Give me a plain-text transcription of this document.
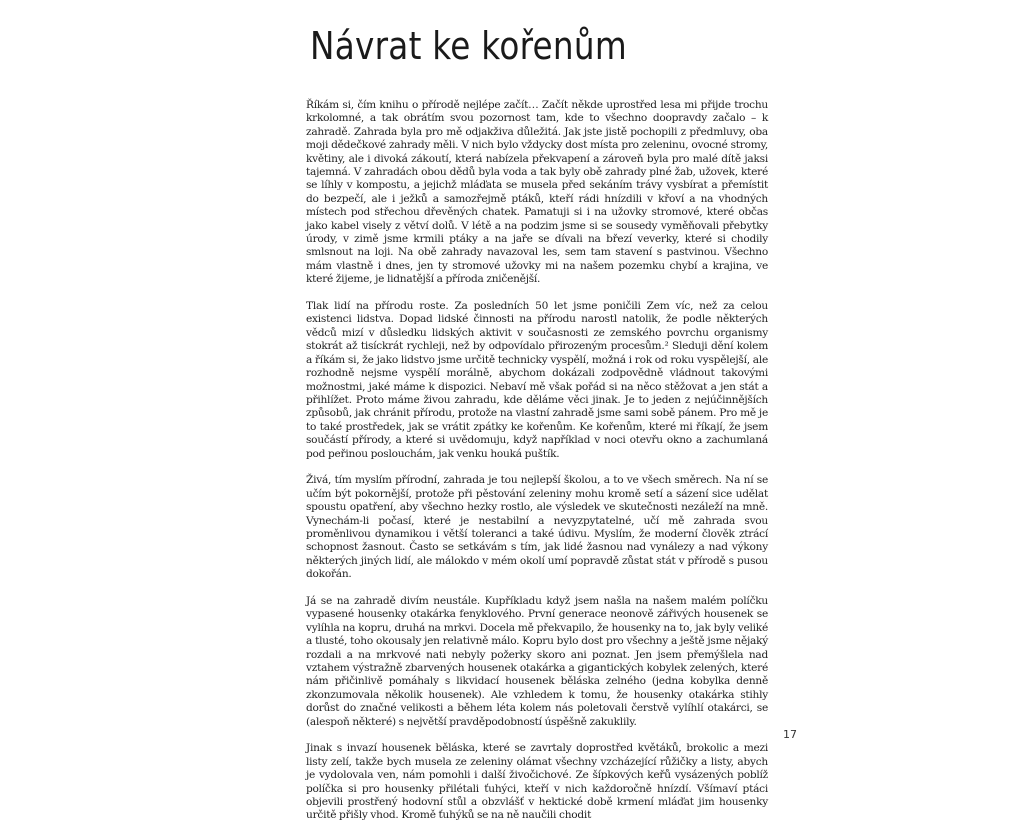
Návrat ke kořenům

Říkám si, čím knihu o přírodě nejlépe začít… Začít někde uprostřed lesa mi přijde trochu krkolomné, a tak obrátím svou pozornost tam, kde to všechno doopravdy začalo – k zahradě. Zahrada byla pro mě odjakživa důležitá. Jak jste jistě pochopili z předmluvy, oba moji dědečkové zahrady měli. V nich bylo vždycky dost místa pro zeleninu, ovocné stromy, květiny, ale i divoká zákoutí, která nabízela překvapení a zároveň byla pro malé dítě jaksi tajemná. V zahradách obou dědů byla voda a tak byly obě zahrady plné žab, užovek, které se líhly v kompostu, a jejichž mláďata se musela před sekáním trávy vysbírat a přemístit do bezpečí, ale i ježků a samozřejmě ptáků, kteří rádi hnízdili v křoví a na vhodných místech pod střechou dřevěných chatek. Pamatuji si i na užovky stromové, které občas jako kabel visely z větví dolů. V létě a na podzim jsme si se sousedy vyměňovali přebytky úrody, v zimě jsme krmili ptáky a na jaře se dívali na březí veverky, které si chodily smlsnout na loji. Na obě zahrady navazoval les, sem tam stavení s pastvinou. Všechno mám vlastně i dnes, jen ty stromové užovky mi na našem pozemku chybí a krajina, ve které žijeme, je lidnatější a příroda zničenější.

Tlak lidí na přírodu roste. Za posledních 50 let jsme poničili Zem víc, než za celou existenci lidstva. Dopad lidské činnosti na přírodu narostl natolik, že podle některých vědců mizí v důsledku lidských aktivit v současnosti ze zemského povrchu organismy stokrát až tisíckrát rychleji, než by odpovídalo přirozeným procesům.² Sleduji dění kolem a říkám si, že jako lidstvo jsme určitě technicky vyspělí, možná i rok od roku vyspělejší, ale rozhodně nejsme vyspělí morálně, abychom dokázali zodpovědně vládnout takovými možnostmi, jaké máme k dispozici. Nebaví mě však pořád si na něco stěžovat a jen stát a přihlížet. Proto máme živou zahradu, kde děláme věci jinak. Je to jeden z nejúčinnějších způsobů, jak chránit přírodu, protože na vlastní zahradě jsme sami sobě pánem. Pro mě je to také prostředek, jak se vrátit zpátky ke kořenům. Ke kořenům, které mi říkají, že jsem součástí přírody, a které si uvědomuju, když například v noci otevřu okno a zachumlaná pod peřinou poslouchám, jak venku houká puštík.

Živá, tím myslím přírodní, zahrada je tou nejlepší školou, a to ve všech směrech. Na ní se učím být pokornější, protože při pěstování zeleniny mohu kromě setí a sázení sice udělat spoustu opatření, aby všechno hezky rostlo, ale výsledek ve skutečnosti nezáleží na mně. Vynechám-li počasí, které je nestabilní a nevyzpytatelné, učí mě zahrada svou proměnlivou dynamikou i větší toleranci a také údivu. Myslím, že moderní člověk ztrácí schopnost žasnout. Často se setkávám s tím, jak lidé žasnou nad vynálezy a nad výkony některých jiných lidí, ale málokdo v mém okolí umí popravdě zůstat stát v přírodě s pusou dokořán.

Já se na zahradě divím neustále. Kupříkladu když jsem našla na našem malém políčku vypasené housenky otakárka fenyklového. První generace neonově zářivých housenek se vylíhla na kopru, druhá na mrkvi. Docela mě překvapilo, že housenky na to, jak byly veliké a tlusté, toho okousaly jen relativně málo. Kopru bylo dost pro všechny a ještě jsme nějaký rozdali a na mrkvové nati nebyly požerky skoro ani poznat. Jen jsem přemýšlela nad vztahem výstražně zbarvených housenek otakárka a gigantických kobylek zelených, které nám přičinlivě pomáhaly s likvidací housenek běláska zelného (jedna kobylka denně zkonzumovala několik housenek). Ale vzhledem k tomu, že housenky otakárka stihly dorůst do značné velikosti a během léta kolem nás poletovali čerstvě vylíhlí otakárci, se (alespoň některé) s největší pravděpodobností úspěšně zakuklily.

Jinak s invazí housenek běláska, které se zavrtaly doprostřed květáků, brokolic a mezi listy zelí, takže bych musela ze zeleniny olámat všechny vzcházející růžičky a listy, abych je vydolovala ven, nám pomohli i další živočichové. Ze šípkových keřů vysázených poblíž políčka si pro housenky přilétali ťuhýci, kteří v nich každoročně hnízdí. Všímaví ptáci objevili prostřený hodovní stůl a obzvlášť v hektické době krmení mláďat jim housenky určitě přišly vhod. Kromě ťuhýků se na ně naučili chodit

17
